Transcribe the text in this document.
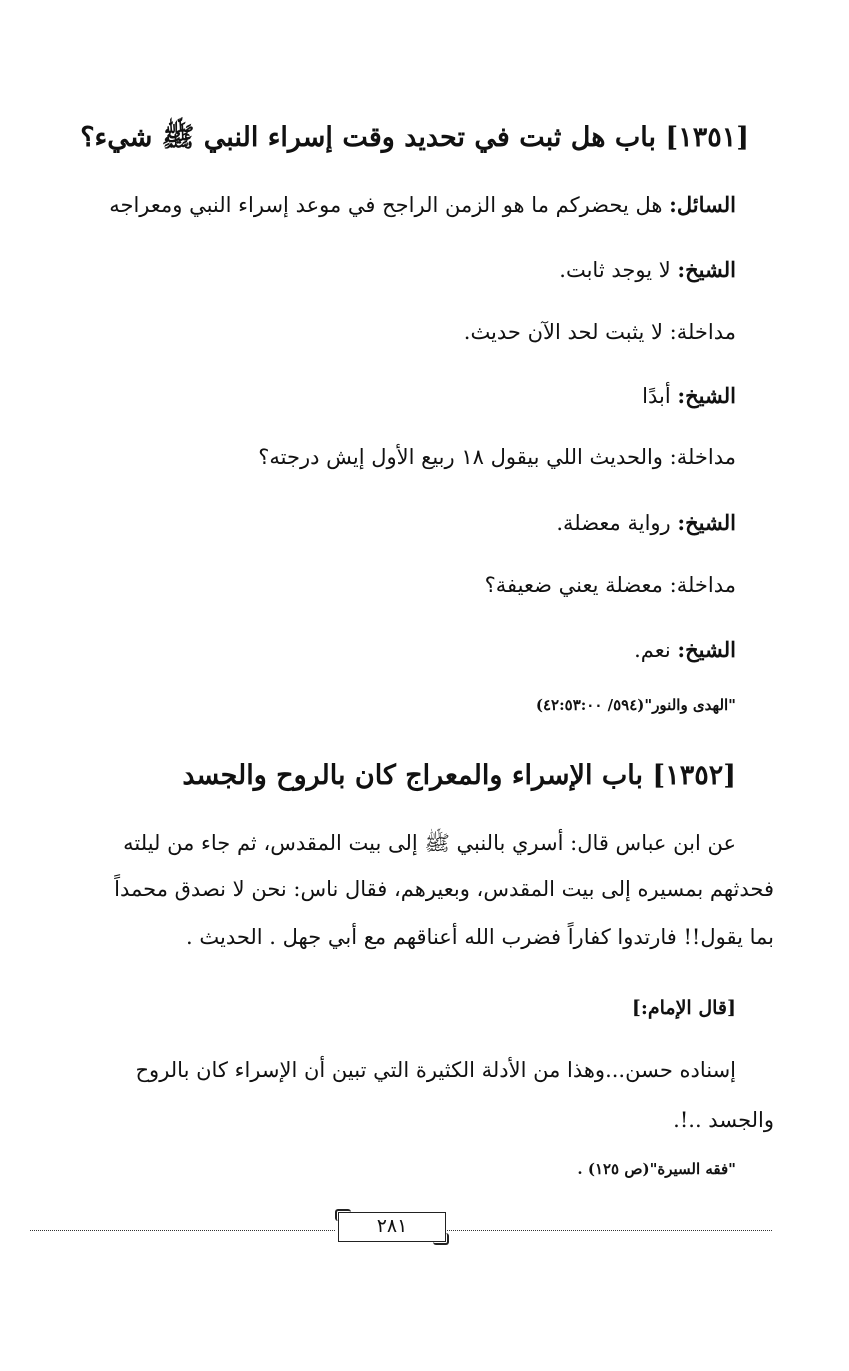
[١٣٥١] باب هل ثبت في تحديد وقت إسراء النبي ﷺ شيء؟
السائل: هل يحضركم ما هو الزمن الراجح في موعد إسراء النبي ومعراجه
الشيخ: لا يوجد ثابت.
مداخلة: لا يثبت لحد الآن حديث.
الشيخ: أبدًا
مداخلة: والحديث اللي بيقول ١٨ ربيع الأول إيش درجته؟
الشيخ: رواية معضلة.
مداخلة: معضلة يعني ضعيفة؟
الشيخ: نعم.
"الهدى والنور"(٥٩٤/ ٤٢:٥٣:٠٠)
[١٣٥٢] باب الإسراء والمعراج كان بالروح والجسد
عن ابن عباس قال: أسري بالنبي ﷺ إلى بيت المقدس، ثم جاء من ليلته
فحدثهم بمسيره إلى بيت المقدس، وبعيرهم، فقال ناس: نحن لا نصدق محمداً
بما يقول!! فارتدوا كفاراً فضرب الله أعناقهم مع أبي جهل . الحديث .
[قال الإمام:]
إسناده حسن...وهذا من الأدلة الكثيرة التي تبين أن الإسراء كان بالروح
والجسد ..!.
"فقه السيرة"(ص ١٢٥) .
٢٨١
